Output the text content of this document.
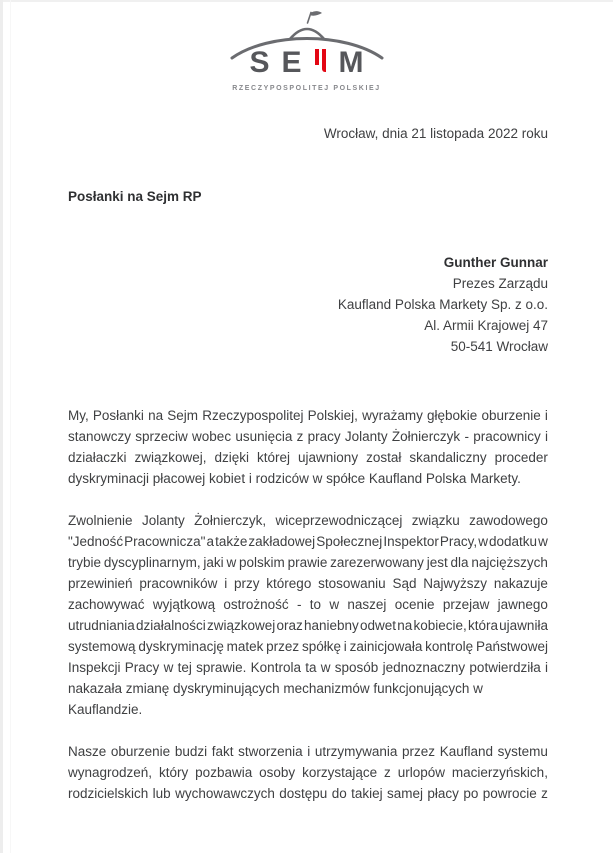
S E M
RZECZYPOSPOLITEJ POLSKIEJ
Wrocław, dnia 21 listopada 2022 roku
Posłanki na Sejm RP
Gunther Gunnar
Prezes Zarządu
Kaufland Polska Markety Sp. z o.o.
Al. Armii Krajowej 47
50-541 Wrocław
My, Posłanki na Sejm Rzeczypospolitej Polskiej, wyrażamy głębokie oburzenie i
stanowczy sprzeciw wobec usunięcia z pracy Jolanty Żołnierczyk - pracownicy i
działaczki związkowej, dzięki której ujawniony został skandaliczny proceder
dyskryminacji płacowej kobiet i rodziców w spółce Kaufland Polska Markety.
Zwolnienie Jolanty Żołnierczyk, wiceprzewodniczącej związku zawodowego
"Jedność Pracownicza" a także zakładowej Społecznej Inspektor Pracy, w dodatku w
trybie dyscyplinarnym, jaki w polskim prawie zarezerwowany jest dla najcięższych
przewinień pracowników i przy którego stosowaniu Sąd Najwyższy nakazuje
zachowywać wyjątkową ostrożność - to w naszej ocenie przejaw jawnego
utrudniania działalności związkowej oraz haniebny odwet na kobiecie, która ujawniła
systemową dyskryminację matek przez spółkę i zainicjowała kontrolę Państwowej
Inspekcji Pracy w tej sprawie. Kontrola ta w sposób jednoznaczny potwierdziła i
nakazała zmianę dyskryminujących mechanizmów funkcjonujących w Kauflandzie.
Nasze oburzenie budzi fakt stworzenia i utrzymywania przez Kaufland systemu
wynagrodzeń, który pozbawia osoby korzystające z urlopów macierzyńskich,
rodzicielskich lub wychowawczych dostępu do takiej samej płacy po powrocie z
